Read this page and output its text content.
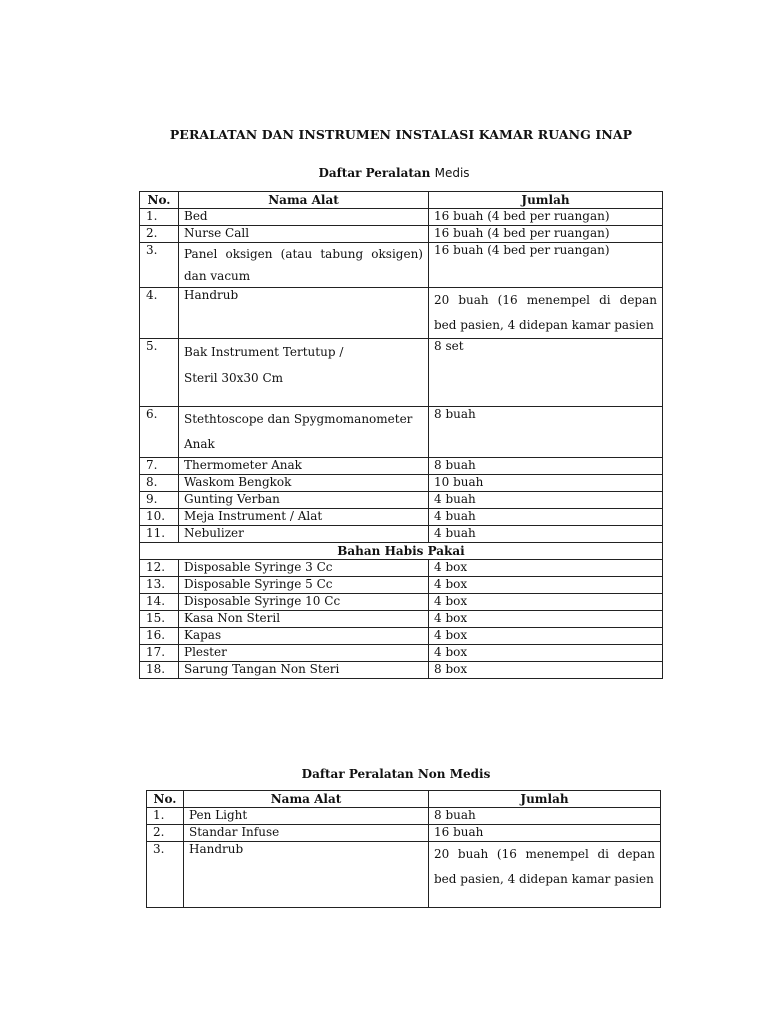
PERALATAN DAN INSTRUMEN INSTALASI KAMAR RUANG INAP
Daftar Peralatan Medis
No.	Nama Alat	Jumlah
1.	Bed	16 buah (4 bed per ruangan)
2.	Nurse Call	16 buah (4 bed per ruangan)
3.	Panel oksigen (atau tabung oksigen) dan vacum	16 buah (4 bed per ruangan)
4.	Handrub	20 buah (16 menempel di depan bed pasien, 4 didepan kamar pasien
5.	Bak Instrument Tertutup / Steril 30x30 Cm	8 set
6.	Stethtoscope dan Spygmomanometer Anak	8 buah
7.	Thermometer Anak	8 buah
8.	Waskom Bengkok	10 buah
9.	Gunting Verban	4 buah
10.	Meja Instrument / Alat	4 buah
11.	Nebulizer	4 buah
Bahan Habis Pakai		
12.	Disposable Syringe 3 Cc	4 box
13.	Disposable Syringe 5 Cc	4 box
14.	Disposable Syringe 10 Cc	4 box
15.	Kasa Non Steril	4 box
16.	Kapas	4 box
17.	Plester	4 box
18.	Sarung Tangan Non Steri	8 box
Daftar Peralatan Non Medis
No.	Nama Alat	Jumlah
1.	Pen Light	8 buah
2.	Standar Infuse	16 buah
3.	Handrub	20 buah (16 menempel di depan bed pasien, 4 didepan kamar pasien
